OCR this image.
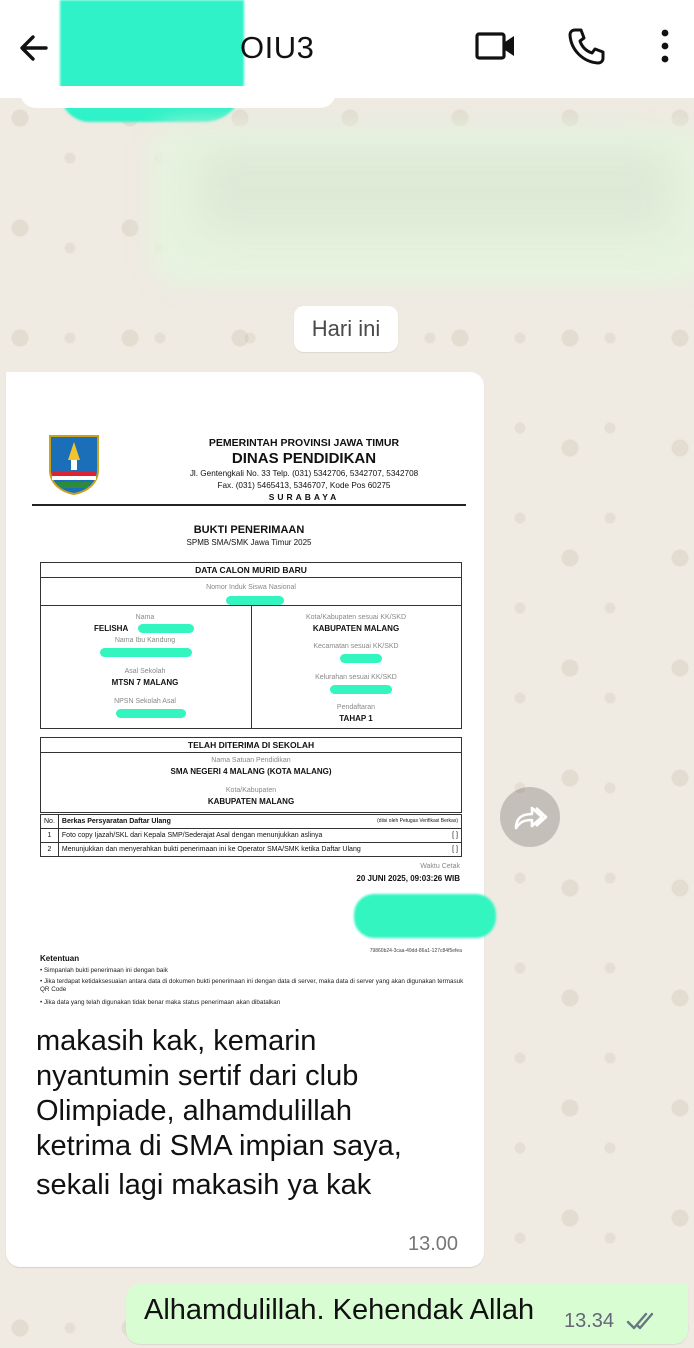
OIU3
Hari ini
PEMERINTAH PROVINSI JAWA TIMUR
DINAS PENDIDIKAN
Jl. Gentengkali No. 33 Telp. (031) 5342706, 5342707, 5342708
Fax. (031) 5465413, 5346707, Kode Pos 60275
SURABAYA
BUKTI PENERIMAAN
SPMB SMA/SMK Jawa Timur 2025
DATA CALON MURID BARU
Nomor Induk Siswa Nasional
Nama
FELISHA
Nama Ibu Kandung
Asal Sekolah
MTSN 7 MALANG
NPSN Sekolah Asal
Kota/Kabupaten sesuai KK/SKD
KABUPATEN MALANG
Kecamatan sesuai KK/SKD
Kelurahan sesuai KK/SKD
Pendaftaran
TAHAP 1
TELAH DITERIMA DI SEKOLAH
Nama Satuan Pendidikan
SMA NEGERI 4 MALANG (KOTA MALANG)
Kota/Kabupaten
KABUPATEN MALANG
No.	Berkas Persyaratan Daftar Ulang (diisi oleh Petugas Verifikasi Berkas)

1	Foto copy Ijazah/SKL dari Kepala SMP/Sederajat Asal dengan menunjukkan aslinya [ ]

2	Menunjukkan dan menyerahkan bukti penerimaan ini ke Operator SMA/SMK ketika Daftar Ulang [ ]
Waktu Cetak
20 JUNI 2025, 09:03:26 WIB
79860b24-3caa-49dd-86a1-127c84f5efea
Ketentuan
• Simpanlah bukti penerimaan ini dengan baik
• Jika terdapat ketidaksesuaian antara data di dokumen bukti penerimaan ini dengan data di server, maka data di server yang akan digunakan termasuk QR Code
• Jika data yang telah digunakan tidak benar maka status penerimaan akan dibatalkan
makasih kak, kemarin
nyantumin sertif dari club
Olimpiade, alhamdulillah
ketrima di SMA impian saya,
sekali lagi makasih ya kak
13.00
Alhamdulillah. Kehendak Allah 13.34
